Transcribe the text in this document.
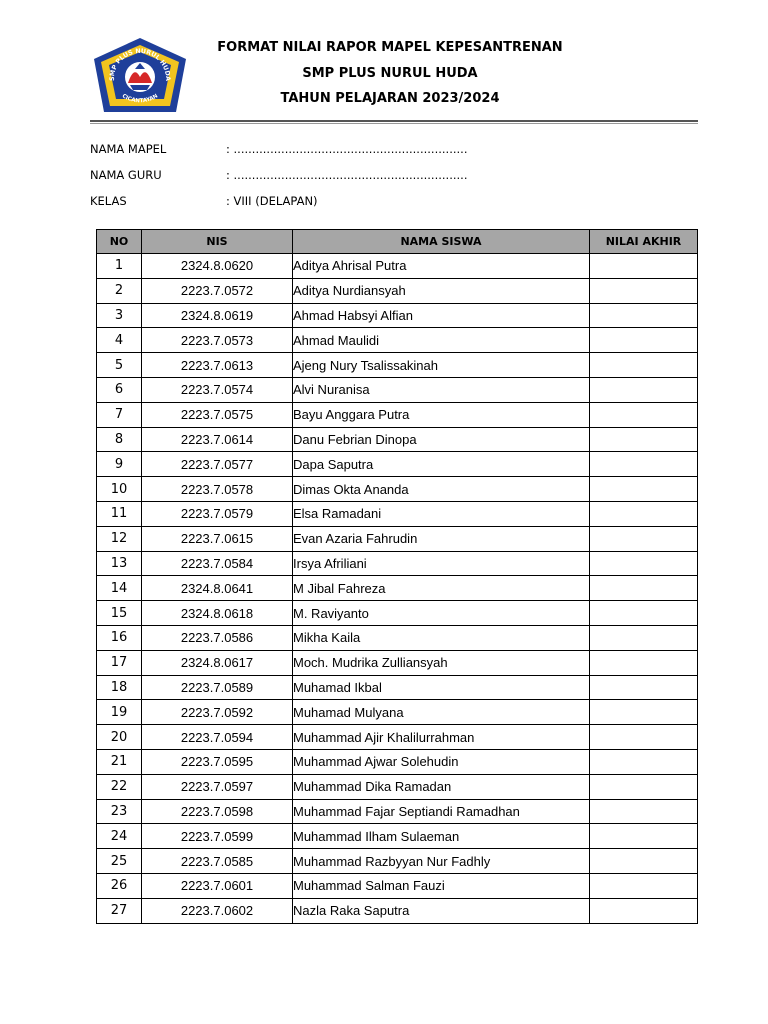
SMP PLUS NURUL HUDA
CICANTAYAN
FORMAT NILAI RAPOR MAPEL KEPESANTRENAN
SMP PLUS NURUL HUDA
TAHUN PELAJARAN 2023/2024
NAMA MAPEL	: ................................................................
NAMA GURU	: ................................................................
KELAS	: VIII (DELAPAN)
NO	NIS	NAMA SISWA	NILAI AKHIR
1	2324.8.0620	Aditya Ahrisal Putra	
2	2223.7.0572	Aditya Nurdiansyah	
3	2324.8.0619	Ahmad Habsyi Alfian	
4	2223.7.0573	Ahmad Maulidi	
5	2223.7.0613	Ajeng Nury Tsalissakinah	
6	2223.7.0574	Alvi Nuranisa	
7	2223.7.0575	Bayu Anggara Putra	
8	2223.7.0614	Danu Febrian Dinopa	
9	2223.7.0577	Dapa Saputra	
10	2223.7.0578	Dimas Okta Ananda	
11	2223.7.0579	Elsa Ramadani	
12	2223.7.0615	Evan Azaria Fahrudin	
13	2223.7.0584	Irsya Afriliani	
14	2324.8.0641	M Jibal Fahreza	
15	2324.8.0618	M. Raviyanto	
16	2223.7.0586	Mikha Kaila	
17	2324.8.0617	Moch. Mudrika Zulliansyah	
18	2223.7.0589	Muhamad Ikbal	
19	2223.7.0592	Muhamad Mulyana	
20	2223.7.0594	Muhammad Ajir Khalilurrahman	
21	2223.7.0595	Muhammad Ajwar Solehudin	
22	2223.7.0597	Muhammad Dika Ramadan	
23	2223.7.0598	Muhammad Fajar Septiandi Ramadhan	
24	2223.7.0599	Muhammad Ilham Sulaeman	
25	2223.7.0585	Muhammad Razbyyan Nur Fadhly	
26	2223.7.0601	Muhammad Salman Fauzi	
27	2223.7.0602	Nazla Raka Saputra	
